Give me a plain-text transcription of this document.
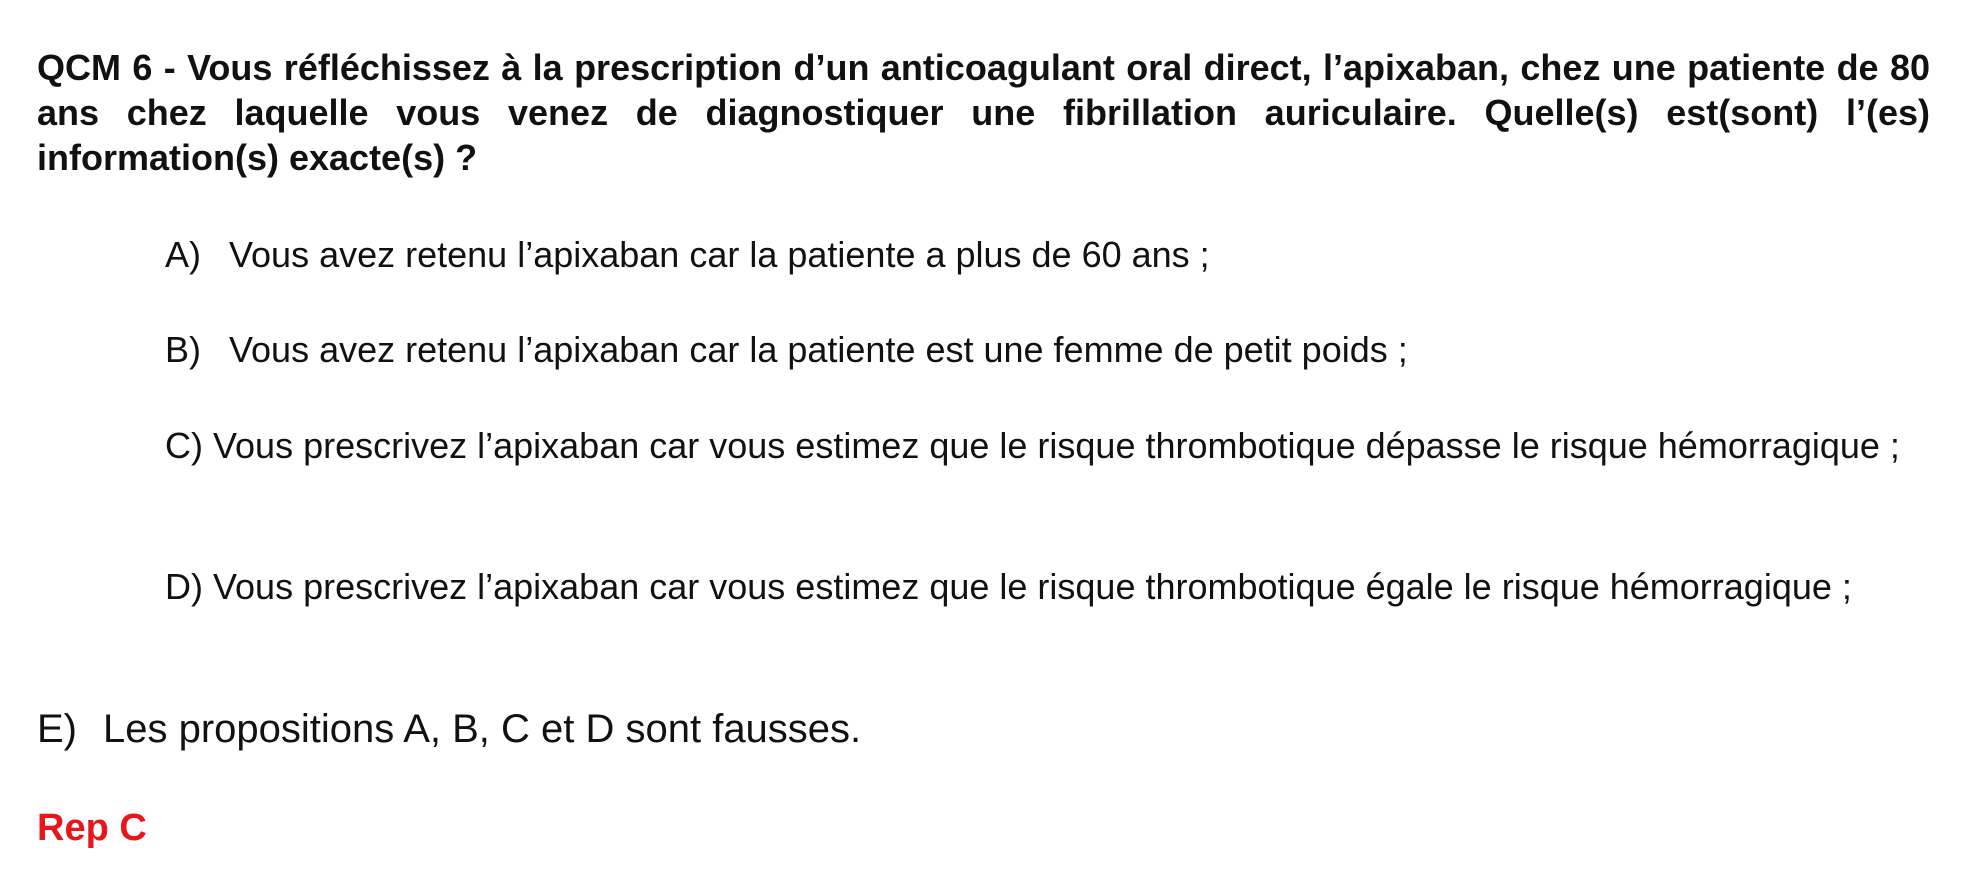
QCM 6 - Vous réfléchissez à la prescription d’un anticoagulant oral direct, l’apixaban, chez une patiente de 80 ans chez laquelle vous venez de diagnostiquer une fibrillation auriculaire. Quelle(s) est(sont) l’(es) information(s) exacte(s) ?

A) Vous avez retenu l’apixaban car la patiente a plus de 60 ans ;
B) Vous avez retenu l’apixaban car la patiente est une femme de petit poids ;

C) Vous prescrivez l’apixaban car vous estimez que le risque thrombotique dépasse le risque hémorragique ;

D) Vous prescrivez l’apixaban car vous estimez que le risque thrombotique égale le risque hémorragique ;

E) Les propositions A, B, C et D sont fausses.

Rep C
